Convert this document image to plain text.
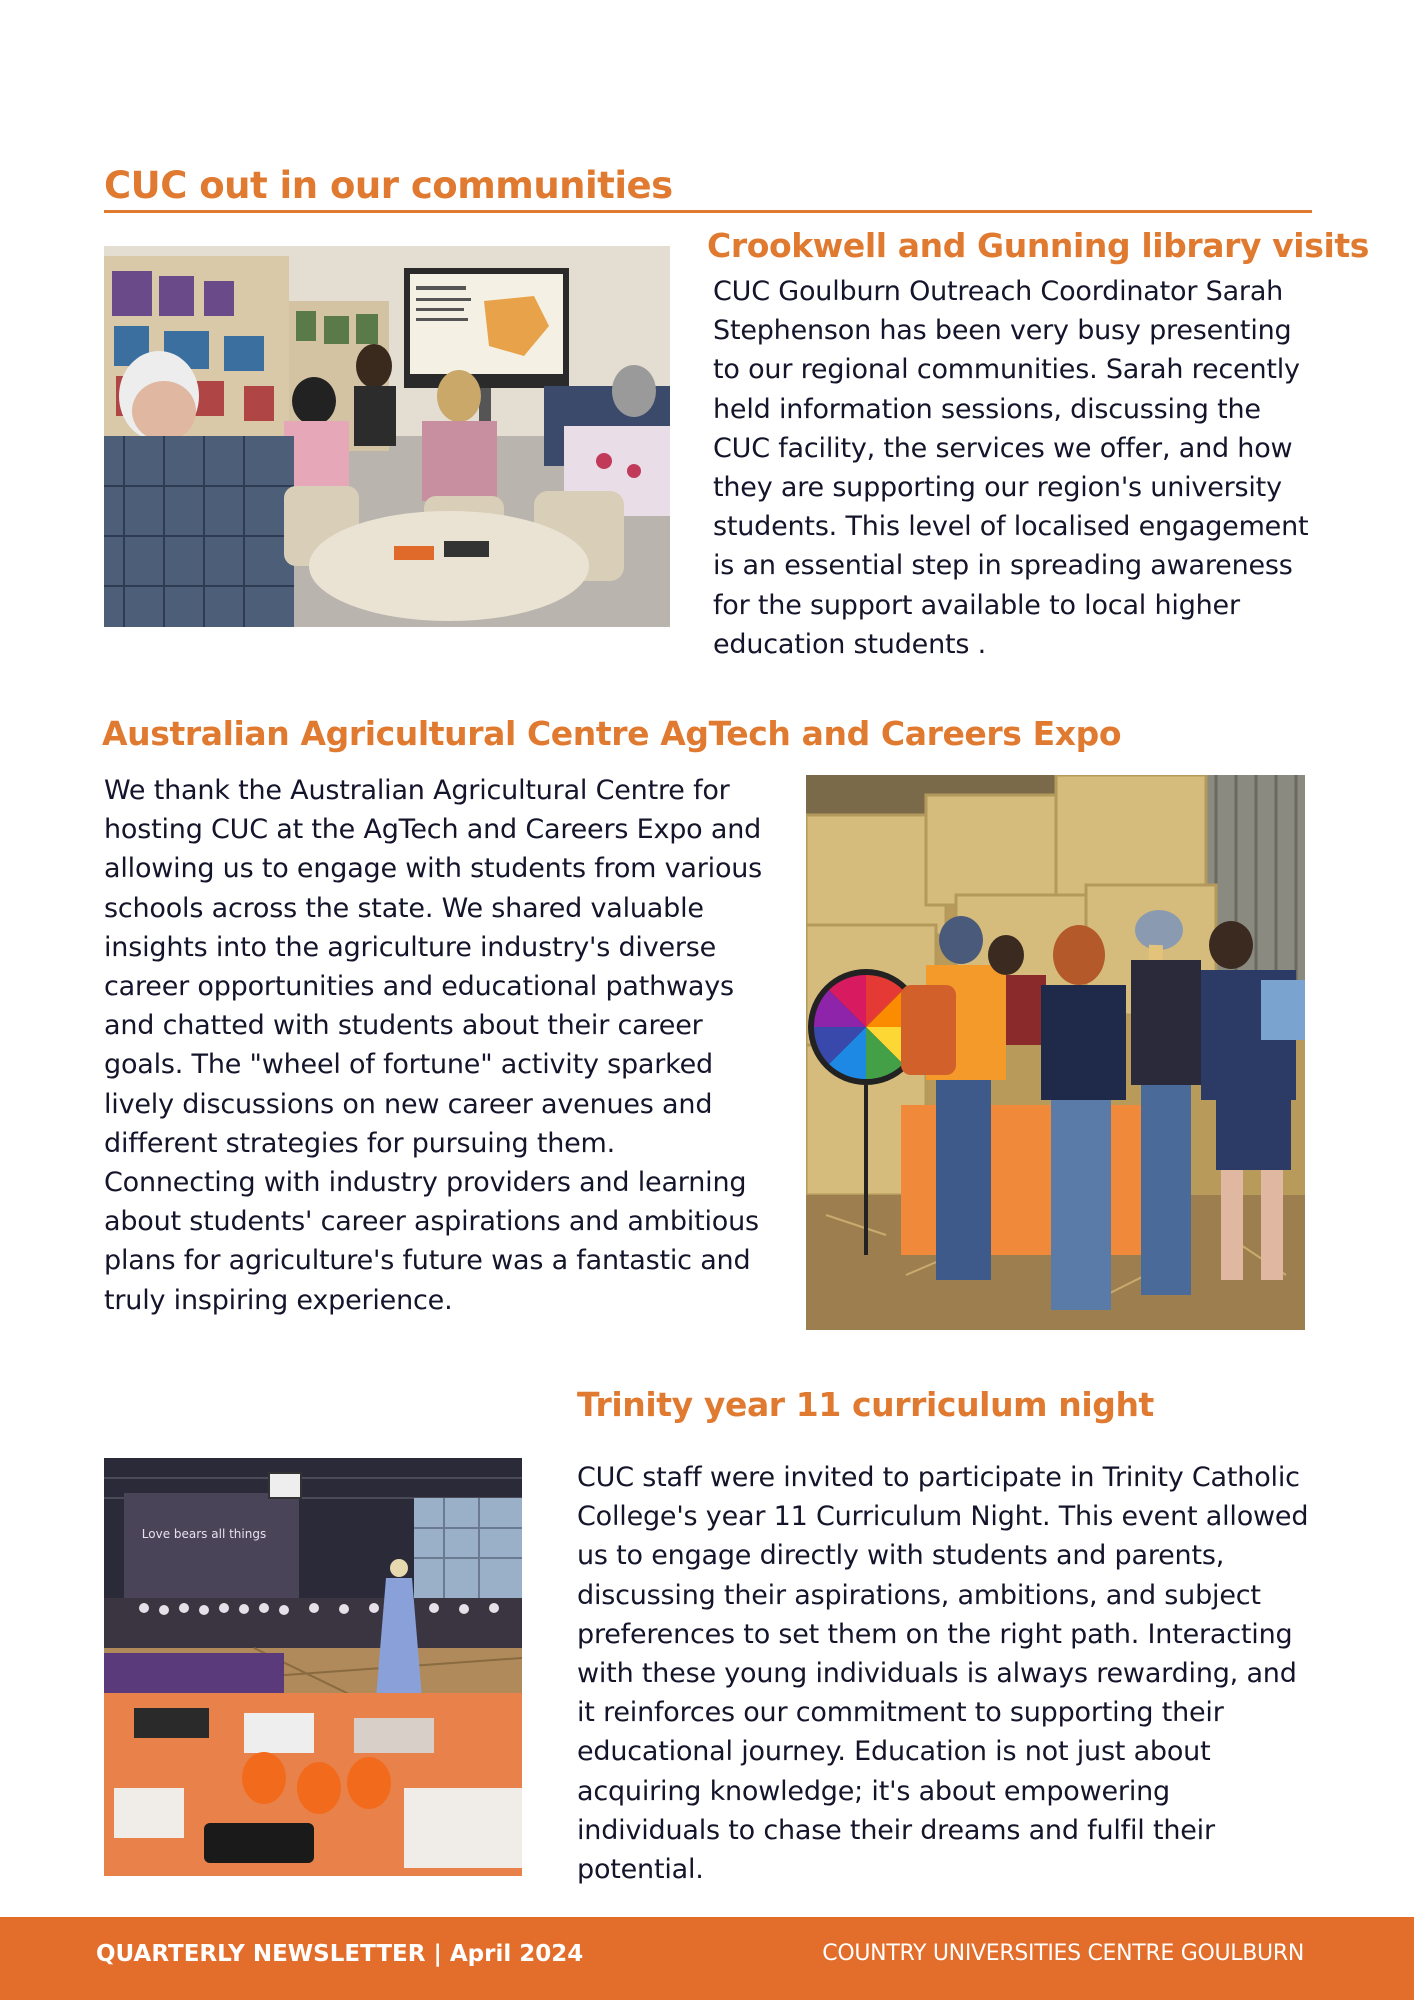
CUC out in our communities
Crookwell and Gunning library visits

CUC Goulburn Outreach Coordinator Sarah Stephenson has been very busy presenting to our regional communities. Sarah recently held information sessions, discussing the CUC facility, the services we offer, and how they are supporting our region's university students. This level of localised engagement is an essential step in spreading awareness for the support available to local higher education students .

Australian Agricultural Centre AgTech and Careers Expo

We thank the Australian Agricultural Centre for hosting CUC at the AgTech and Careers Expo and allowing us to engage with students from various schools across the state. We shared valuable insights into the agriculture industry's diverse career opportunities and educational pathways and chatted with students about their career goals. The "wheel of fortune" activity sparked lively discussions on new career avenues and different strategies for pursuing them. Connecting with industry providers and learning about students' career aspirations and ambitious plans for agriculture's future was a fantastic and truly inspiring experience.

Trinity year 11 curriculum night
Love bears all things

CUC staff were invited to participate in Trinity Catholic College's year 11 Curriculum Night. This event allowed us to engage directly with students and parents, discussing their aspirations, ambitions, and subject preferences to set them on the right path. Interacting with these young individuals is always rewarding, and it reinforces our commitment to supporting their educational journey. Education is not just about acquiring knowledge; it's about empowering individuals to chase their dreams and fulfil their potential.

QUARTERLY NEWSLETTER | April 2024	COUNTRY UNIVERSITIES CENTRE GOULBURN
